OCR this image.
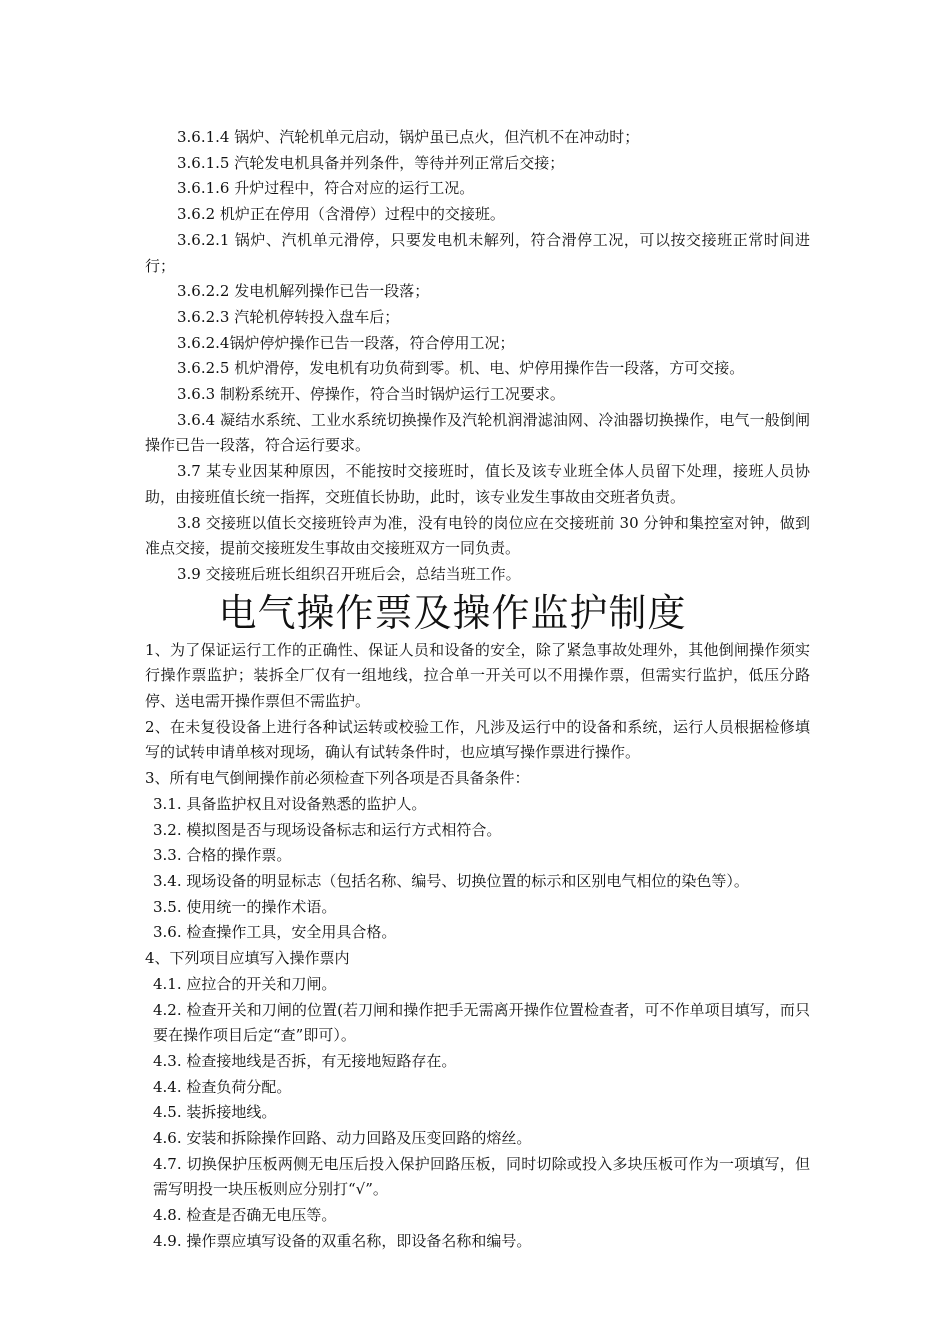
3.6.1.4 锅炉、汽轮机单元启动，锅炉虽已点火，但汽机不在冲动时；

3.6.1.5 汽轮发电机具备并列条件，等待并列正常后交接；

3.6.1.6 升炉过程中，符合对应的运行工况。

3.6.2 机炉正在停用（含滑停）过程中的交接班。

3.6.2.1 锅炉、汽机单元滑停，只要发电机未解列，符合滑停工况，可以按交接班正常时间进行；

3.6.2.2 发电机解列操作已告一段落；

3.6.2.3 汽轮机停转投入盘车后；

3.6.2.4锅炉停炉操作已告一段落，符合停用工况；

3.6.2.5 机炉滑停，发电机有功负荷到零。机、电、炉停用操作告一段落，方可交接。

3.6.3 制粉系统开、停操作，符合当时锅炉运行工况要求。

3.6.4 凝结水系统、工业水系统切换操作及汽轮机润滑滤油网、冷油器切换操作，电气一般倒闸操作已告一段落，符合运行要求。

3.7 某专业因某种原因，不能按时交接班时，值长及该专业班全体人员留下处理，接班人员协助，由接班值长统一指挥，交班值长协助，此时，该专业发生事故由交班者负责。

3.8 交接班以值长交接班铃声为准，没有电铃的岗位应在交接班前 30 分钟和集控室对钟，做到准点交接，提前交接班发生事故由交接班双方一同负责。

3.9 交接班后班长组织召开班后会，总结当班工作。

电气操作票及操作监护制度

1、为了保证运行工作的正确性、保证人员和设备的安全，除了紧急事故处理外，其他倒闸操作须实行操作票监护；装拆全厂仅有一组地线，拉合单一开关可以不用操作票，但需实行监护，低压分路停、送电需开操作票但不需监护。

2、在未复役设备上进行各种试运转或校验工作，凡涉及运行中的设备和系统，运行人员根据检修填写的试转申请单核对现场，确认有试转条件时，也应填写操作票进行操作。

3、所有电气倒闸操作前必须检查下列各项是否具备条件：

3.1. 具备监护权且对设备熟悉的监护人。

3.2. 模拟图是否与现场设备标志和运行方式相符合。

3.3. 合格的操作票。

3.4. 现场设备的明显标志（包括名称、编号、切换位置的标示和区别电气相位的染色等）。

3.5. 使用统一的操作术语。

3.6. 检查操作工具，安全用具合格。

4、下列项目应填写入操作票内

4.1. 应拉合的开关和刀闸。

4.2. 检查开关和刀闸的位置(若刀闸和操作把手无需离开操作位置检查者，可不作单项目填写，而只要在操作项目后定“查”即可）。

4.3. 检查接地线是否拆，有无接地短路存在。

4.4. 检查负荷分配。

4.5. 装拆接地线。

4.6. 安装和拆除操作回路、动力回路及压变回路的熔丝。

4.7. 切换保护压板两侧无电压后投入保护回路压板，同时切除或投入多块压板可作为一项填写，但需写明投一块压板则应分别打“√”。

4.8. 检查是否确无电压等。

4.9. 操作票应填写设备的双重名称，即设备名称和编号。
